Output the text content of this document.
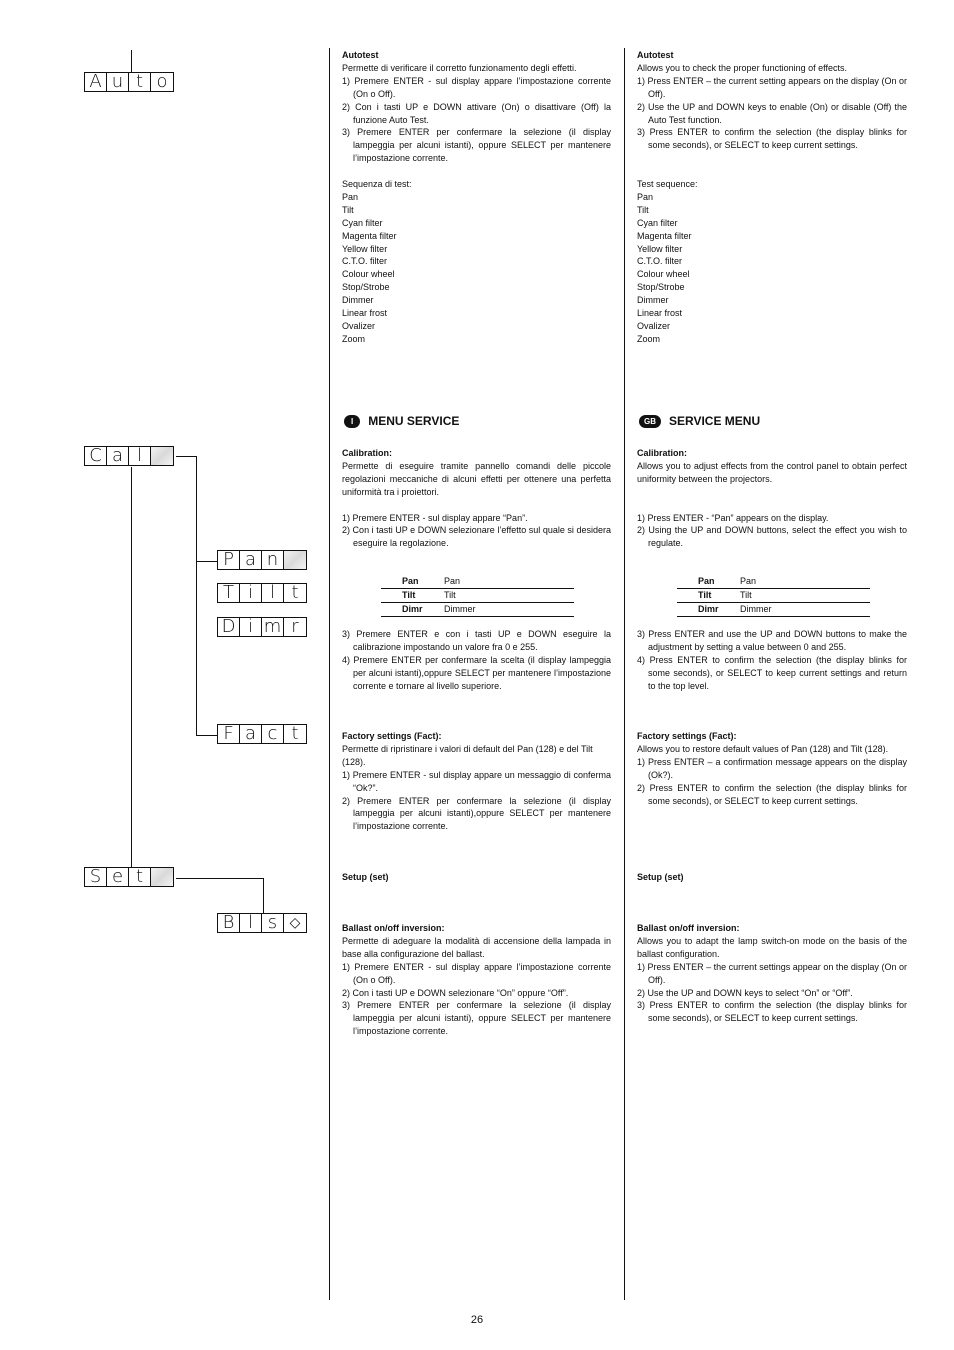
A u t o
C a l
P a n
T i l t
D i m r
F a c t
S e t
B l s ◇

Autotest

Permette di verificare il corretto funzionamento degli effetti.

1) Premere ENTER - sul display appare l’impostazione corrente (On o Off).
2) Con i tasti UP e DOWN attivare (On) o disattivare (Off) la funzione Auto Test.
3) Premere ENTER per confermare la selezione (il display lampeggia per alcuni istanti), oppure SELECT per mantenere l’impostazione corrente.

Sequenza di test:

Pan
Tilt
Cyan filter
Magenta filter
Yellow filter
C.T.O. filter
Colour wheel
Stop/Strobe
Dimmer
Linear frost
Ovalizer
Zoom
I MENU SERVICE

Calibration:

Permette di eseguire tramite pannello comandi delle piccole regolazioni meccaniche di alcuni effetti per ottenere una perfetta uniformità tra i proiettori.

1) Premere ENTER - sul display appare “Pan”.
2) Con i tasti UP e DOWN selezionare l’effetto sul quale si desidera eseguire la regolazione.
Pan	Pan
Tilt	Tilt
Dimr	Dimmer
3) Premere ENTER e con i tasti UP e DOWN eseguire la calibrazione impostando un valore fra 0 e 255.
4) Premere ENTER per confermare la scelta (il display lampeggia per alcuni istanti),oppure SELECT per mantenere l’impostazione corrente e tornare al livello superiore.

Factory settings (Fact):

Permette di ripristinare i valori di default del Pan (128) e del Tilt (128).

1) Premere ENTER - sul display appare un messaggio di conferma “Ok?”.
2) Premere ENTER per confermare la selezione (il display lampeggia per alcuni istanti),oppure SELECT per mantenere l’impostazione corrente.

Setup (set)

Ballast on/off inversion:

Permette di adeguare la modalità di accensione della lampada in base alla configurazione del ballast.

1) Premere ENTER - sul display appare l’impostazione corrente (On o Off).
2) Con i tasti UP e DOWN selezionare “On” oppure “Off”.
3) Premere ENTER per confermare la selezione (il display lampeggia per alcuni istanti), oppure SELECT per mantenere l’impostazione corrente.

Autotest

Allows you to check the proper functioning of effects.

1) Press ENTER – the current setting appears on the display (On or Off).
2) Use the UP and DOWN keys to enable (On) or disable (Off) the Auto Test function.
3) Press ENTER to confirm the selection (the display blinks for some seconds), or SELECT to keep current settings.

Test sequence:

Pan
Tilt
Cyan filter
Magenta filter
Yellow filter
C.T.O. filter
Colour wheel
Stop/Strobe
Dimmer
Linear frost
Ovalizer
Zoom
GB SERVICE MENU

Calibration:

Allows you to adjust effects from the control panel to obtain perfect uniformity between the projectors.

1) Press ENTER - “Pan” appears on the display.
2) Using the UP and DOWN buttons, select the effect you wish to regulate.
Pan	Pan
Tilt	Tilt
Dimr	Dimmer
3) Press ENTER and use the UP and DOWN buttons to make the adjustment by setting a value between 0 and 255.
4) Press ENTER to confirm the selection (the display blinks for some seconds), or SELECT to keep current settings and return to the top level.

Factory settings (Fact):

Allows you to restore default values of Pan (128) and Tilt (128).

1) Press ENTER – a confirmation message appears on the display (Ok?).
2) Press ENTER to confirm the selection (the display blinks for some seconds), or SELECT to keep current settings.

Setup (set)

Ballast on/off inversion:

Allows you to adapt the lamp switch-on mode on the basis of the ballast configuration.

1) Press ENTER – the current settings appear on the display (On or Off).
2) Use the UP and DOWN keys to select “On” or “Off”.
3) Press ENTER to confirm the selection (the display blinks for some seconds), or SELECT to keep current settings.
26
